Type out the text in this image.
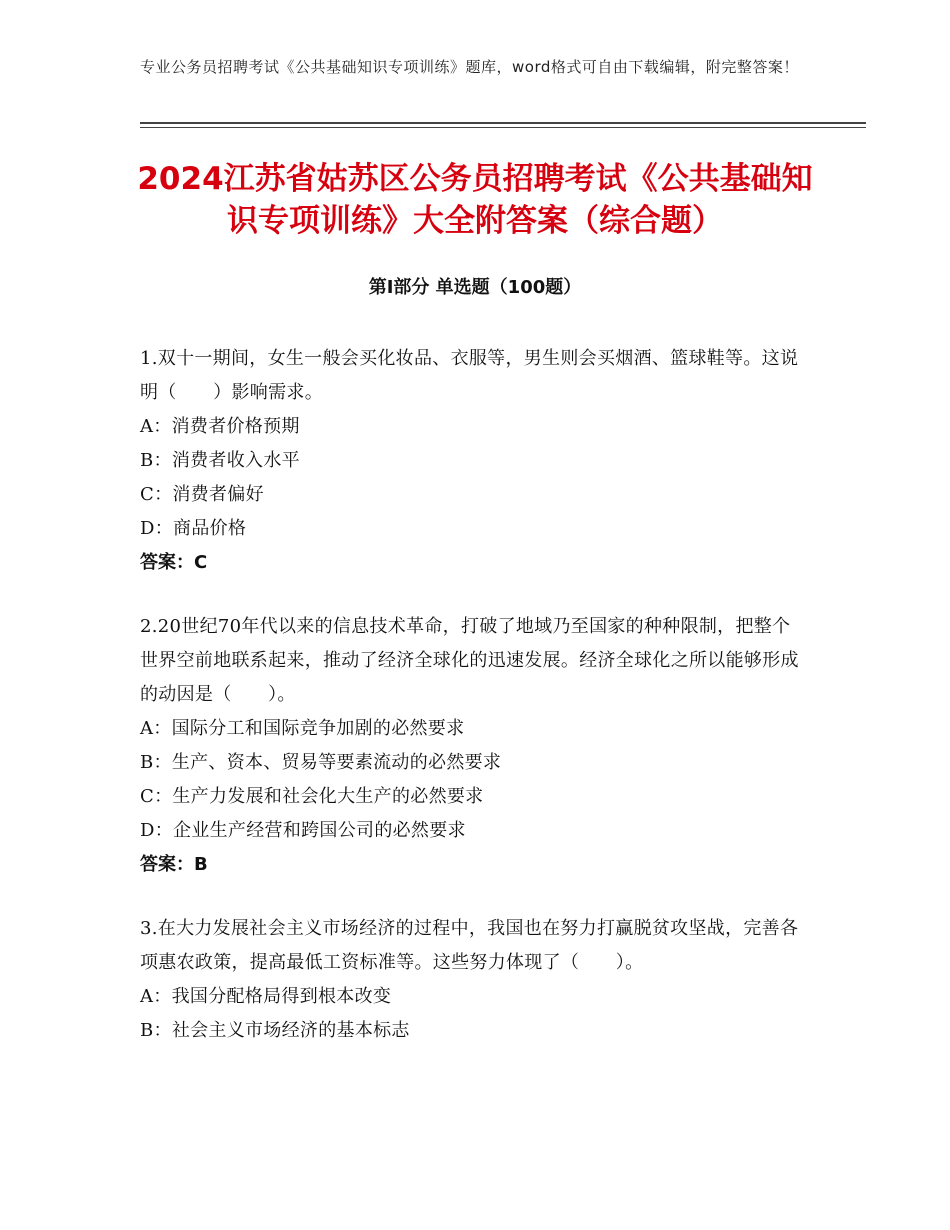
专业公务员招聘考试《公共基础知识专项训练》题库，word格式可自由下载编辑，附完整答案！
2024江苏省姑苏区公务员招聘考试《公共基础知识专项训练》大全附答案（综合题）
第Ⅰ部分 单选题（100题）
1.双十一期间，女生一般会买化妆品、衣服等，男生则会买烟酒、篮球鞋等。这说明（　　）影响需求。
A：消费者价格预期
B：消费者收入水平
C：消费者偏好
D：商品价格
答案：C
2.20世纪70年代以来的信息技术革命，打破了地域乃至国家的种种限制，把整个世界空前地联系起来，推动了经济全球化的迅速发展。经济全球化之所以能够形成的动因是（　　）。
A：国际分工和国际竞争加剧的必然要求
B：生产、资本、贸易等要素流动的必然要求
C：生产力发展和社会化大生产的必然要求
D：企业生产经营和跨国公司的必然要求
答案：B
3.在大力发展社会主义市场经济的过程中，我国也在努力打赢脱贫攻坚战，完善各项惠农政策，提高最低工资标准等。这些努力体现了（　　）。
A：我国分配格局得到根本改变
B：社会主义市场经济的基本标志
